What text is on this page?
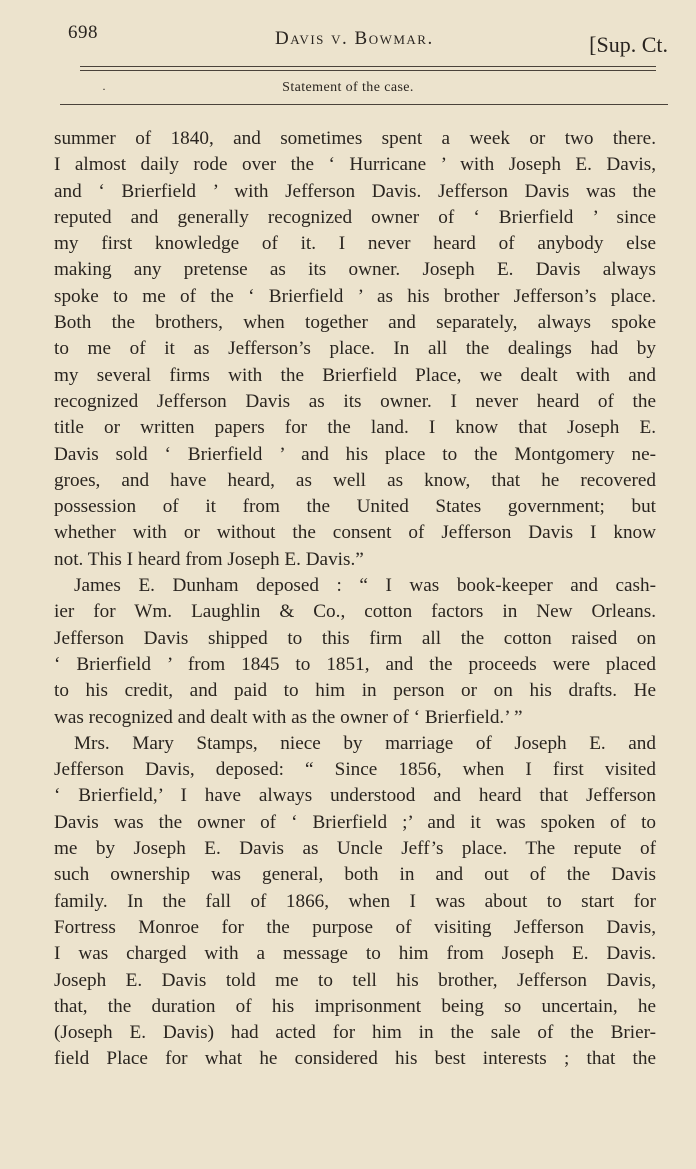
698	Davis v. Bowmar.	[Sup. Ct.
·	Statement of the case.
summer of 1840, and sometimes spent a week or two there.
I almost daily rode over the ‘ Hurricane ’ with Joseph E. Davis,
and ‘ Brierfield ’ with Jefferson Davis. Jefferson Davis was the
reputed and generally recognized owner of ‘ Brierfield ’ since
my first knowledge of it. I never heard of anybody else
making any pretense as its owner. Joseph E. Davis always
spoke to me of the ‘ Brierfield ’ as his brother Jefferson’s place.
Both the brothers, when together and separately, always spoke
to me of it as Jefferson’s place. In all the dealings had by
my several firms with the Brierfield Place, we dealt with and
recognized Jefferson Davis as its owner. I never heard of the
title or written papers for the land. I know that Joseph E.
Davis sold ‘ Brierfield ’ and his place to the Montgomery ne-
groes, and have heard, as well as know, that he recovered
possession of it from the United States government; but
whether with or without the consent of Jefferson Davis I know
not. This I heard from Joseph E. Davis.”
James E. Dunham deposed : “ I was book-keeper and cash-
ier for Wm. Laughlin & Co., cotton factors in New Orleans.
Jefferson Davis shipped to this firm all the cotton raised on
‘ Brierfield ’ from 1845 to 1851, and the proceeds were placed
to his credit, and paid to him in person or on his drafts. He
was recognized and dealt with as the owner of ‘ Brierfield.’ ”
Mrs. Mary Stamps, niece by marriage of Joseph E. and
Jefferson Davis, deposed: “ Since 1856, when I first visited
‘ Brierfield,’ I have always understood and heard that Jefferson
Davis was the owner of ‘ Brierfield ;’ and it was spoken of to
me by Joseph E. Davis as Uncle Jeff’s place. The repute of
such ownership was general, both in and out of the Davis
family. In the fall of 1866, when I was about to start for
Fortress Monroe for the purpose of visiting Jefferson Davis,
I was charged with a message to him from Joseph E. Davis.
Joseph E. Davis told me to tell his brother, Jefferson Davis,
that, the duration of his imprisonment being so uncertain, he
(Joseph E. Davis) had acted for him in the sale of the Brier-
field Place for what he considered his best interests ; that the
